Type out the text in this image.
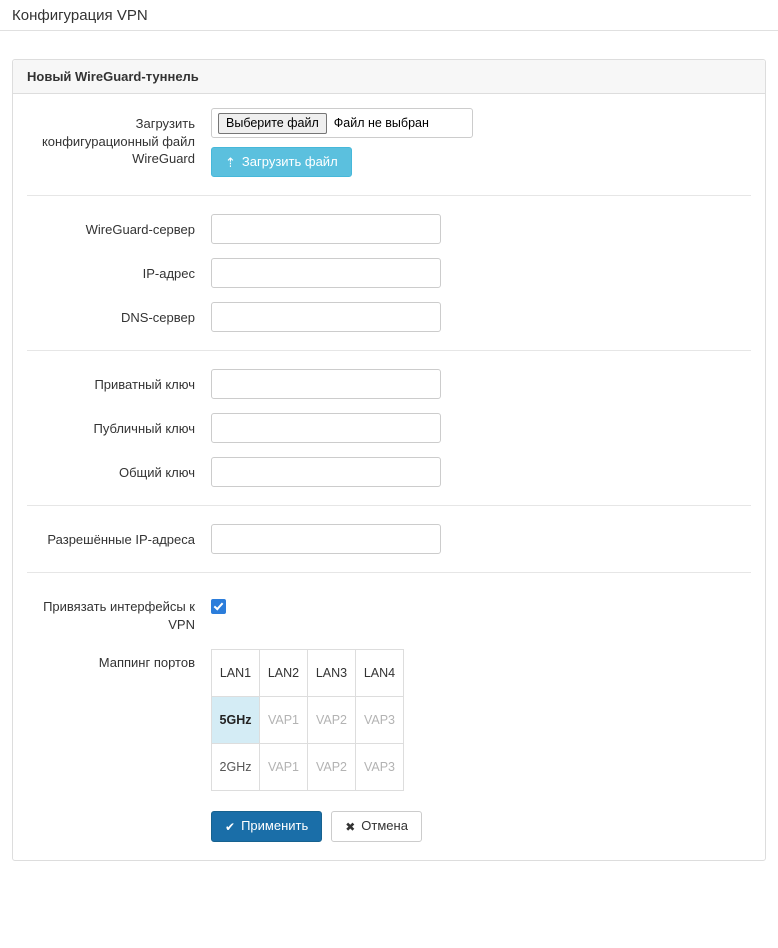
Конфигурация VPN
Новый WireGuard-туннель
Загрузить конфигурационный файл WireGuard
Выберите файл	Файл не выбран
⇡ Загрузить файл
WireGuard-сервер
IP-адрес
DNS-сервер
Приватный ключ
Публичный ключ
Общий ключ
Разрешённые IP-адреса
Привязать интерфейсы к VPN
Маппинг портов
LAN1	LAN2	LAN3	LAN4
5GHz	VAP1	VAP2	VAP3
2GHz	VAP1	VAP2	VAP3
✔ Применить	✖ Отмена
